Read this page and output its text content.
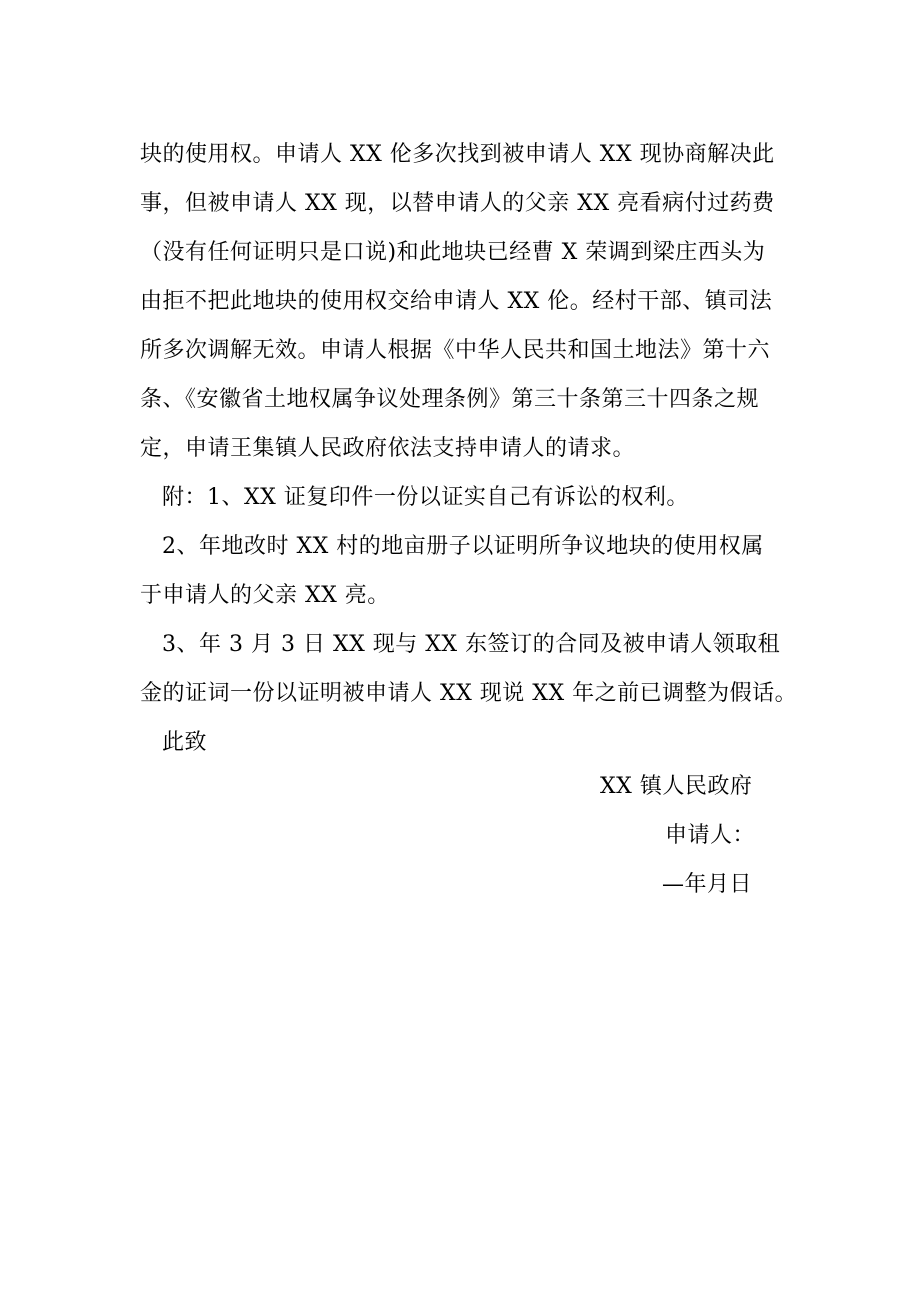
块的使用权。申请人 XX 伦多次找到被申请人 XX 现协商解决此
事，但被申请人 XX 现，以替申请人的父亲 XX 亮看病付过药费
（没有任何证明只是口说)和此地块已经曹 X 荣调到梁庄西头为
由拒不把此地块的使用权交给申请人 XX 伦。经村干部、镇司法
所多次调解无效。申请人根据《中华人民共和国土地法》第十六
条、《安徽省土地权属争议处理条例》第三十条第三十四条之规
定，申请王集镇人民政府依法支持申请人的请求。
附：1、XX 证复印件一份以证实自己有诉讼的权利。
2、年地改时 XX 村的地亩册子以证明所争议地块的使用权属
于申请人的父亲 XX 亮。
3、年 3 月 3 日 XX 现与 XX 东签订的合同及被申请人领取租
金的证词一份以证明被申请人 XX 现说 XX 年之前已调整为假话。
此致
XX 镇人民政府
申请人：
—年月日
